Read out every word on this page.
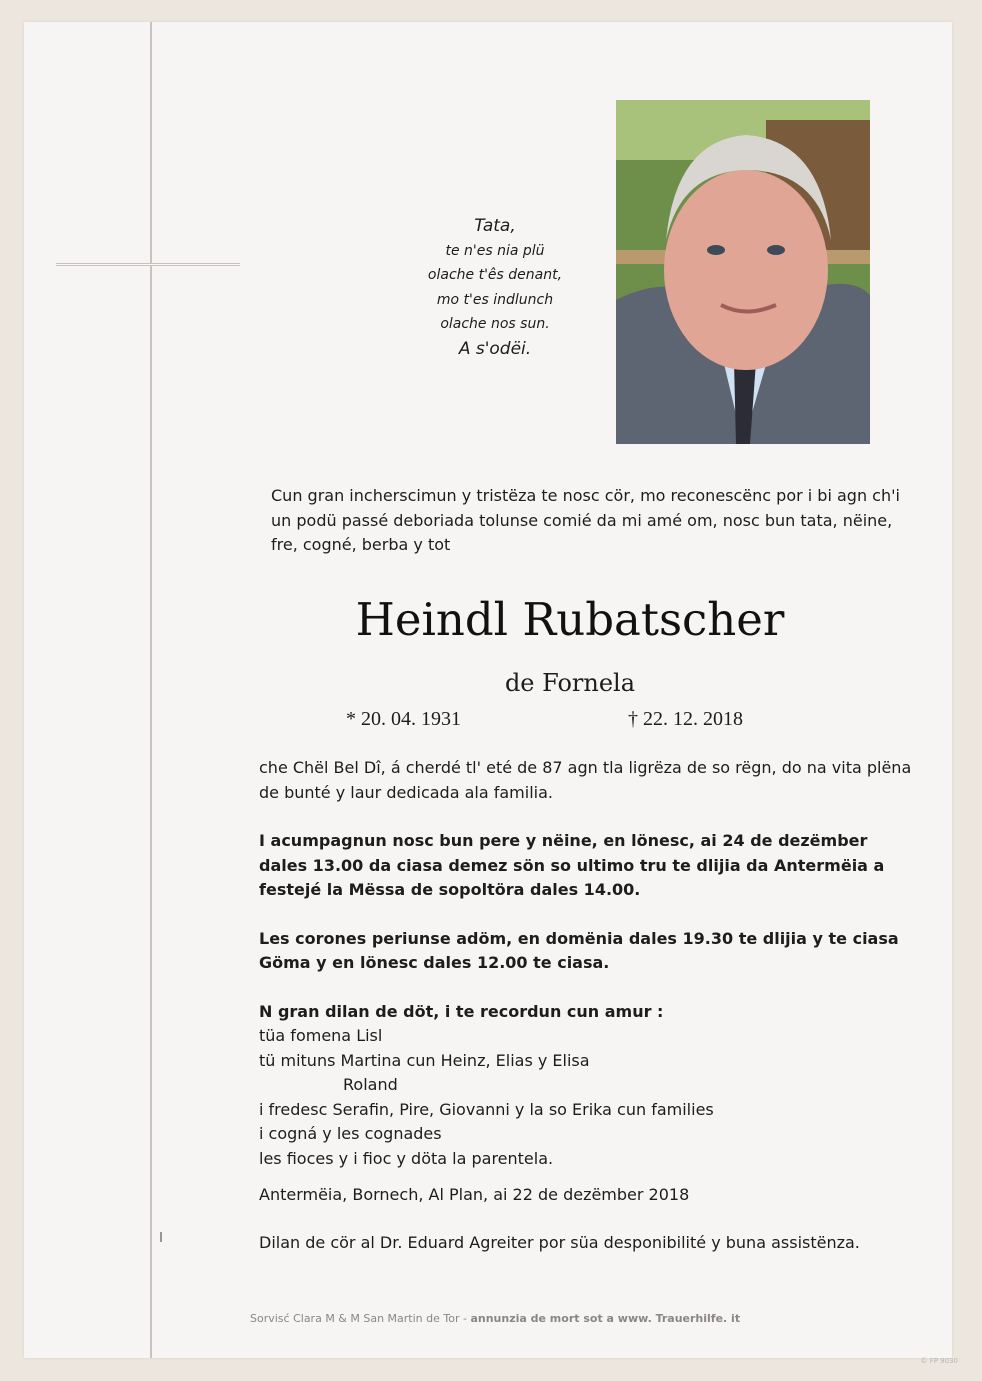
Tata,
te n'es nia plü
olache t'ês denant,
mo t'es indlunch
olache nos sun.
A s'odëi.
Cun gran incherscimun y tristëza te nosc cör, mo reconescënc por i bi agn ch'i un podü passé deboriada tolunse comié da mi amé om, nosc bun tata, nëine, fre, cogné, berba y tot
Heindl Rubatscher
de Fornela
* 20. 04. 1931	† 22. 12. 2018

che Chël Bel Dî, á cherdé tl' eté de 87 agn tla ligrëza de so rëgn, do na vita plëna de bunté y laur dedicada ala familia.

I acumpagnun nosc bun pere y nëine, en lönesc, ai 24 de dezëmber dales 13.00 da ciasa demez sön so ultimo tru te dlijia da Antermëia a festejé la Mëssa de sopoltöra dales 14.00.

Les corones periunse adöm, en domënia dales 19.30 te dlijia y te ciasa Göma y en lönesc dales 12.00 te ciasa.

N gran dilan de döt, i te recordun cun amur :

tüa fomena Lisl

tü mituns Martina cun Heinz, Elias y Elisa

Roland

i fredesc Serafin, Pire, Giovanni y la so Erika cun families

i cogná y les cognades

les fioces y i fioc y döta la parentela.

Antermëia, Bornech, Al Plan, ai 22 de dezëmber 2018

Dilan de cör al Dr. Eduard Agreiter por süa desponibilité y buna assistënza.

Sorvisć Clara M & M San Martin de Tor - annunzia de mort sot a www. Trauerhilfe. it
© FP 9030
